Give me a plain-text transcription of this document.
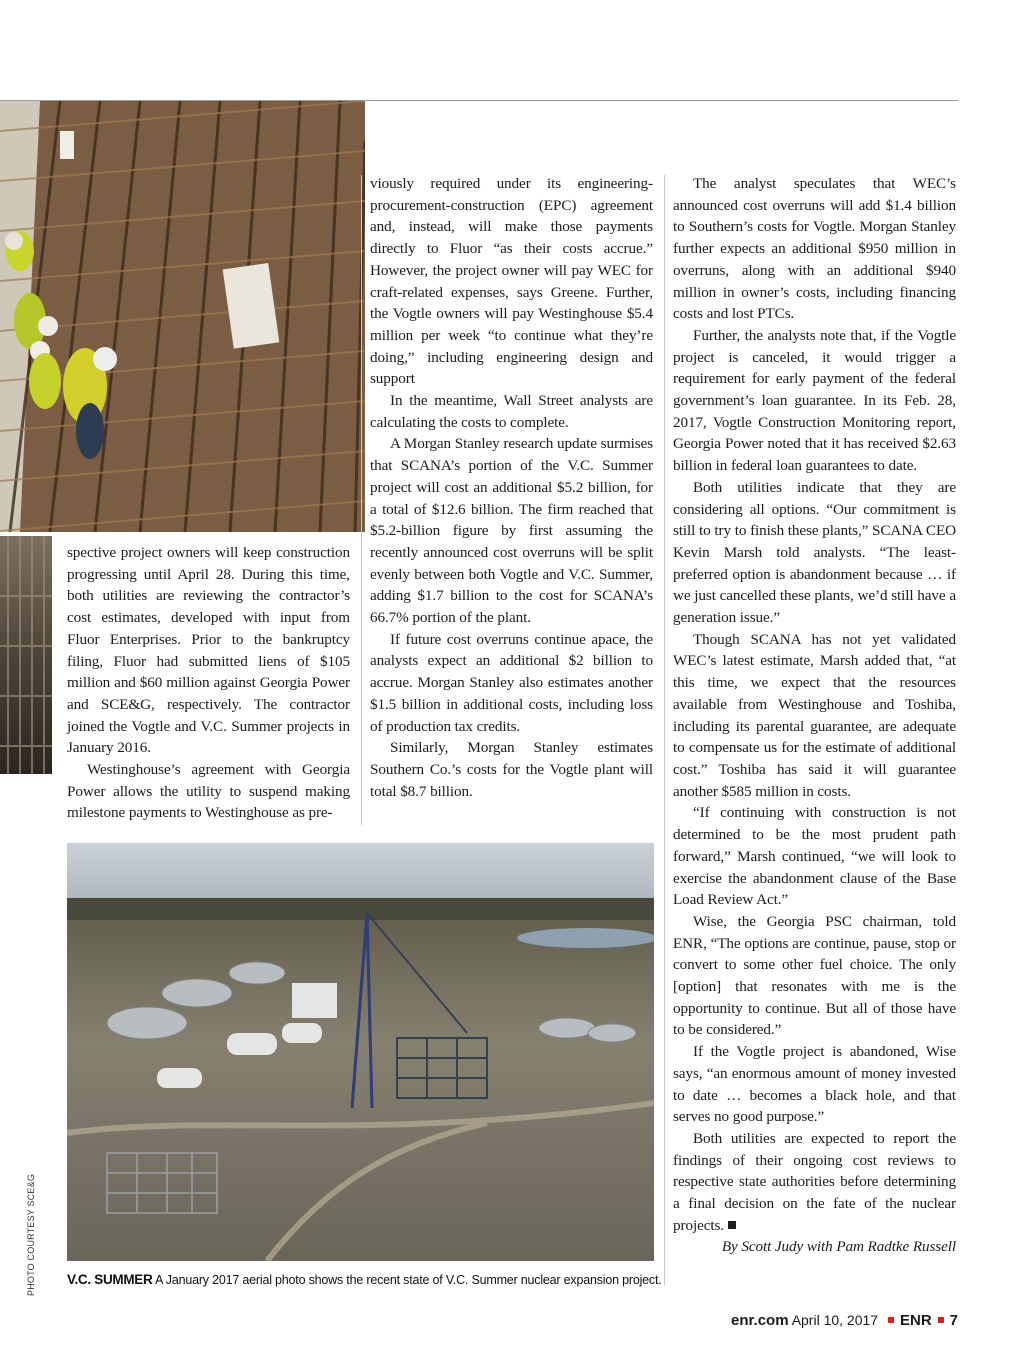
spective project owners will keep construction progressing until April 28. During this time, both utilities are reviewing the contractor’s cost estimates, developed with input from Fluor Enterprises. Prior to the bankruptcy filing, Fluor had submitted liens of $105 million and $60 million against Georgia Power and SCE&G, respectively. The contractor joined the Vogtle and V.C. Summer projects in January 2016.

Westinghouse’s agreement with Georgia Power allows the utility to suspend making milestone payments to Westinghouse as pre-

viously required under its engineering-procurement-construction (EPC) agreement and, instead, will make those payments directly to Fluor “as their costs accrue.” However, the project owner will pay WEC for craft-related expenses, says Greene. Further, the Vogtle owners will pay Westinghouse $5.4 million per week “to continue what they’re doing,” including engineering design and support

In the meantime, Wall Street analysts are calculating the costs to complete.

A Morgan Stanley research update surmises that SCANA’s portion of the V.C. Summer project will cost an additional $5.2 billion, for a total of $12.6 billion. The firm reached that $5.2-billion figure by first assuming the recently announced cost overruns will be split evenly between both Vogtle and V.C. Summer, adding $1.7 billion to the cost for SCANA’s 66.7% portion of the plant.

If future cost overruns continue apace, the analysts expect an additional $2 billion to accrue. Morgan Stanley also estimates another $1.5 billion in additional costs, including loss of production tax credits.

Similarly, Morgan Stanley estimates Southern Co.’s costs for the Vogtle plant will total $8.7 billion.

The analyst speculates that WEC’s announced cost overruns will add $1.4 billion to Southern’s costs for Vogtle. Morgan Stanley further expects an additional $950 million in overruns, along with an additional $940 million in owner’s costs, including financing costs and lost PTCs.

Further, the analysts note that, if the Vogtle project is canceled, it would trigger a requirement for early payment of the federal government’s loan guarantee. In its Feb. 28, 2017, Vogtle Construction Monitoring report, Georgia Power noted that it has received $2.63 billion in federal loan guarantees to date.

Both utilities indicate that they are considering all options. “Our commitment is still to try to finish these plants,” SCANA CEO Kevin Marsh told analysts. “The least-preferred option is abandonment because … if we just cancelled these plants, we’d still have a generation issue.”

Though SCANA has not yet validated WEC’s latest estimate, Marsh added that, “at this time, we expect that the resources available from Westinghouse and Toshiba, including its parental guarantee, are adequate to compensate us for the estimate of additional cost.” Toshiba has said it will guarantee another $585 million in costs.

“If continuing with construction is not determined to be the most prudent path forward,” Marsh continued, “we will look to exercise the abandonment clause of the Base Load Review Act.”

Wise, the Georgia PSC chairman, told ENR, “The options are continue, pause, stop or convert to some other fuel choice. The only [option] that resonates with me is the opportunity to continue. But all of those have to be considered.”

If the Vogtle project is abandoned, Wise says, “an enormous amount of money invested to date … becomes a black hole, and that serves no good purpose.”

Both utilities are expected to report the findings of their ongoing cost reviews to respective state authorities before determining a final decision on the fate of the nuclear projects.

By Scott Judy with Pam Radtke Russell

PHOTO COURTESY SCE&G V.C. SUMMER A January 2017 aerial photo shows the recent state of V.C. Summer nuclear expansion project.
enr.com April 10, 2017 ENR 7
